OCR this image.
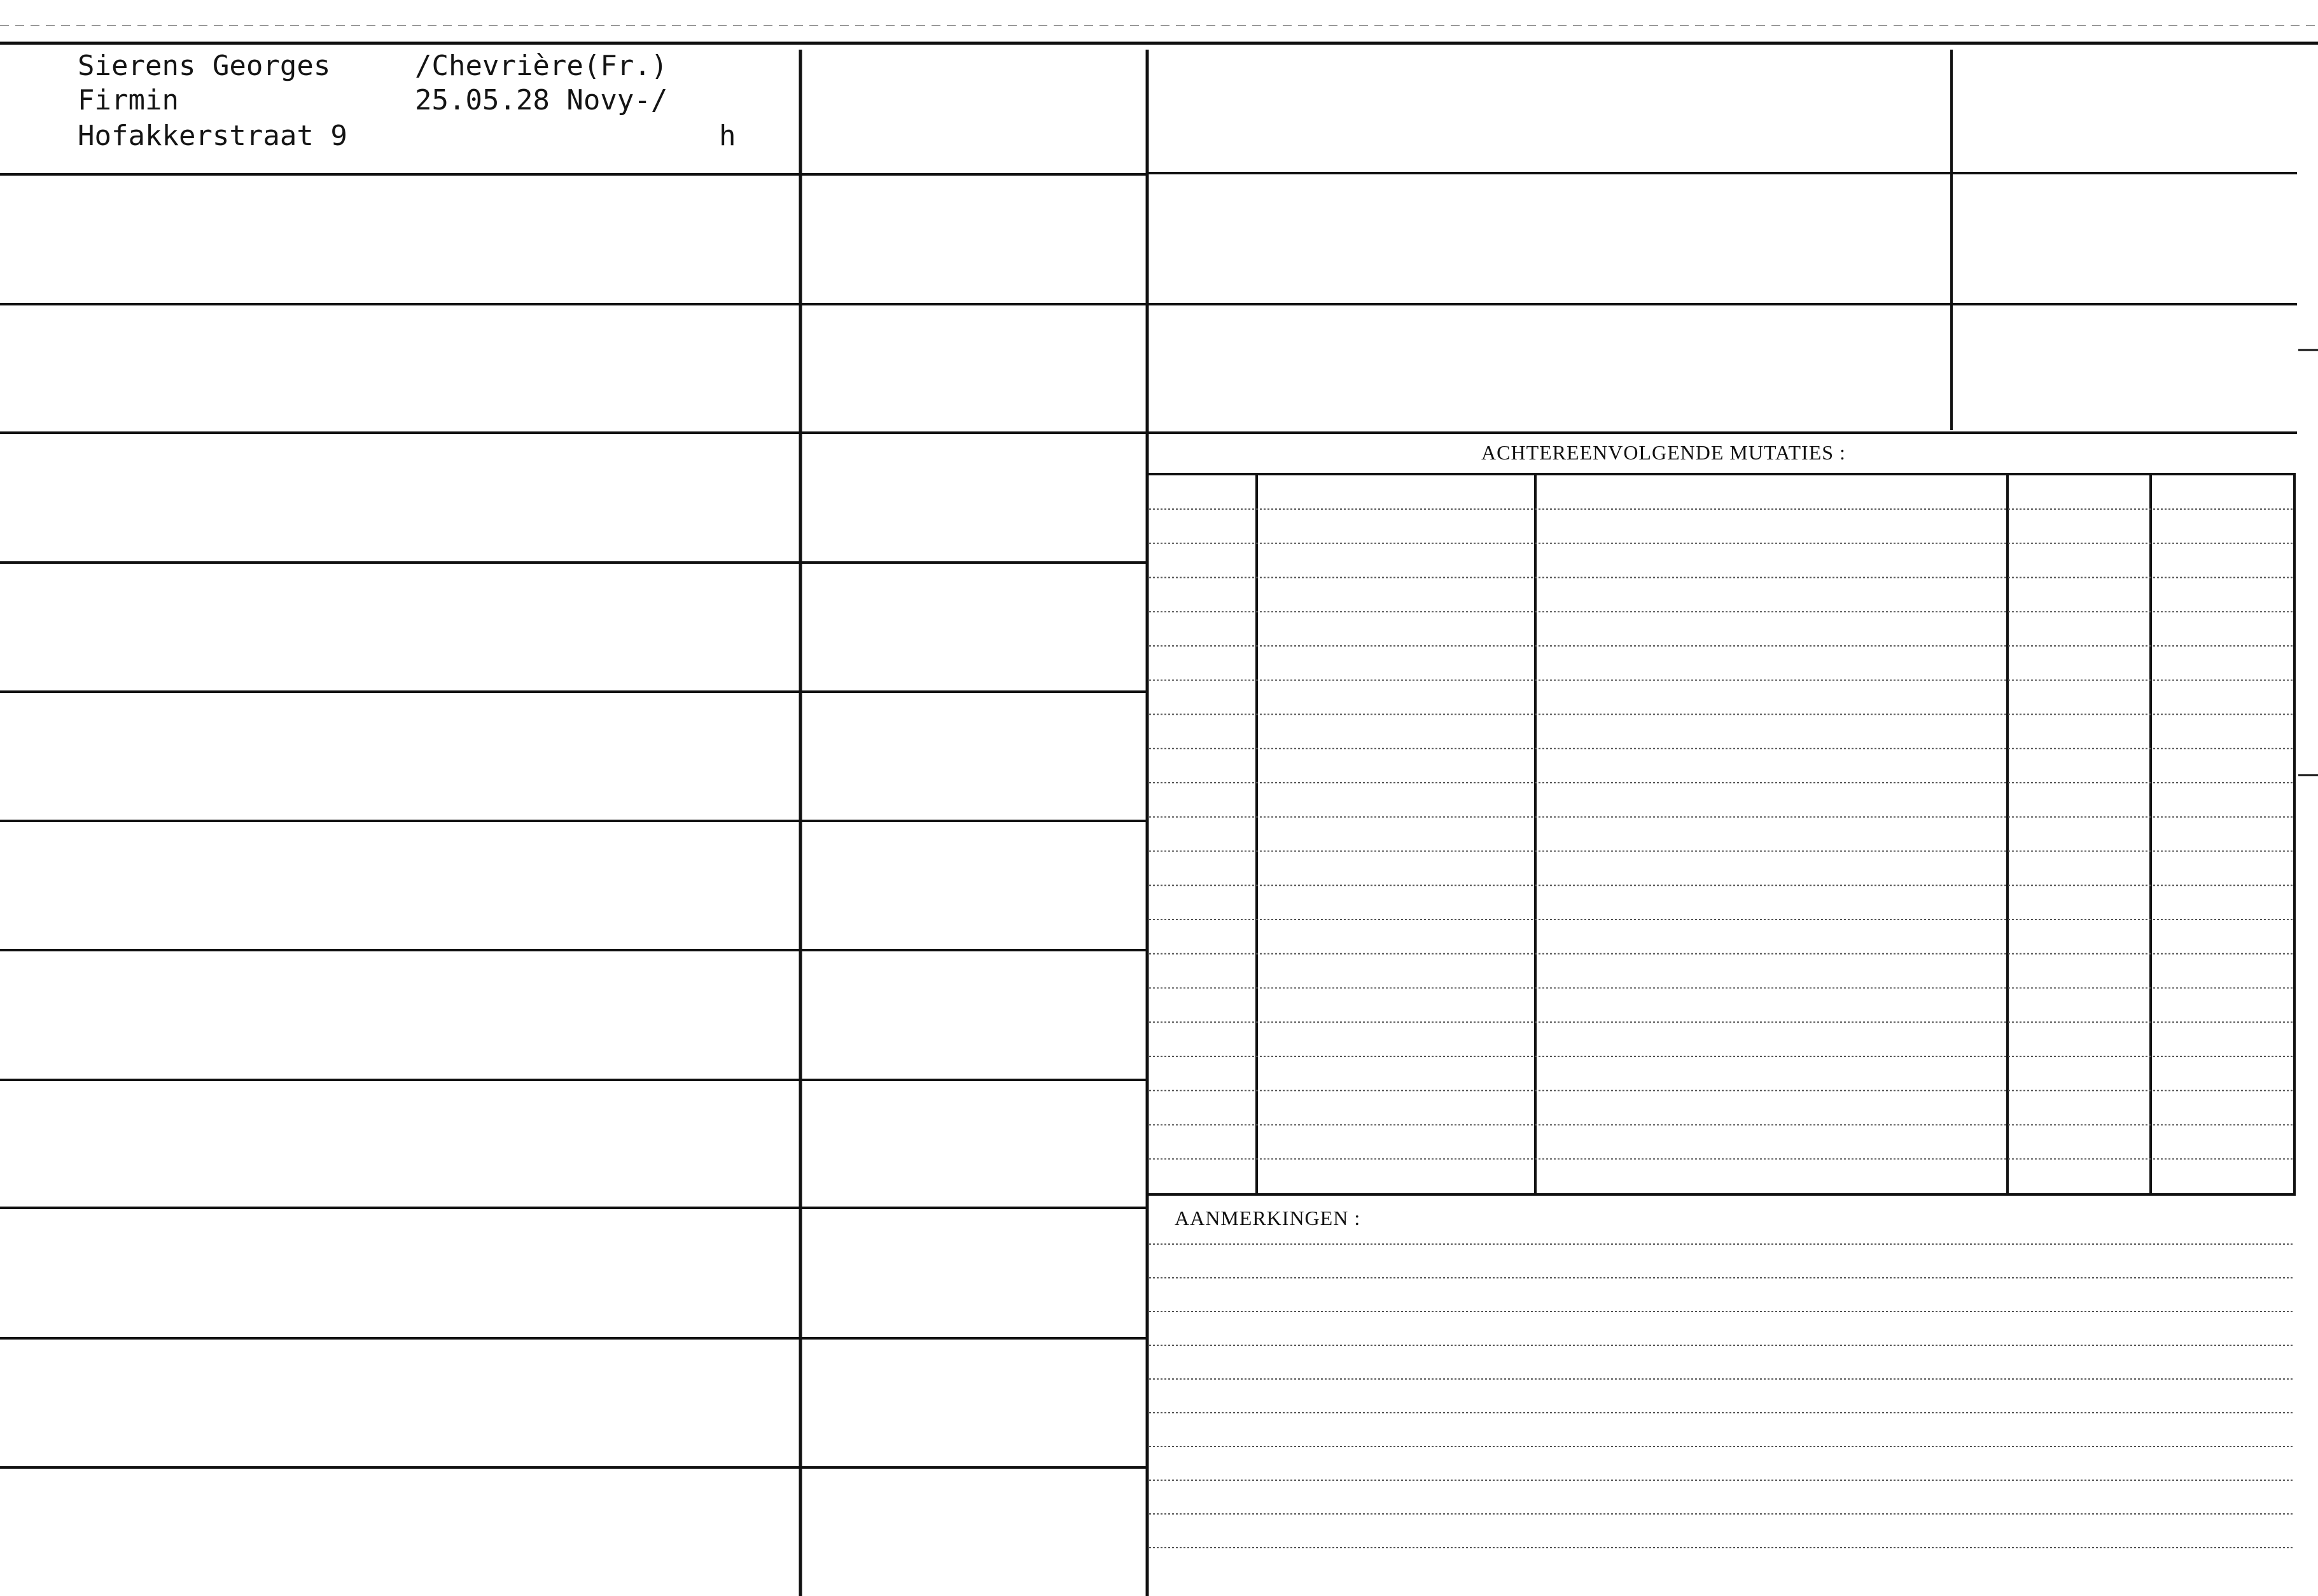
Sierens Georges
Firmin
Hofakkerstraat 9
/Chevrière(Fr.)
25.05.28 Novy-/
h
ACHTEREENVOLGENDE MUTATIES :
AANMERKINGEN :
